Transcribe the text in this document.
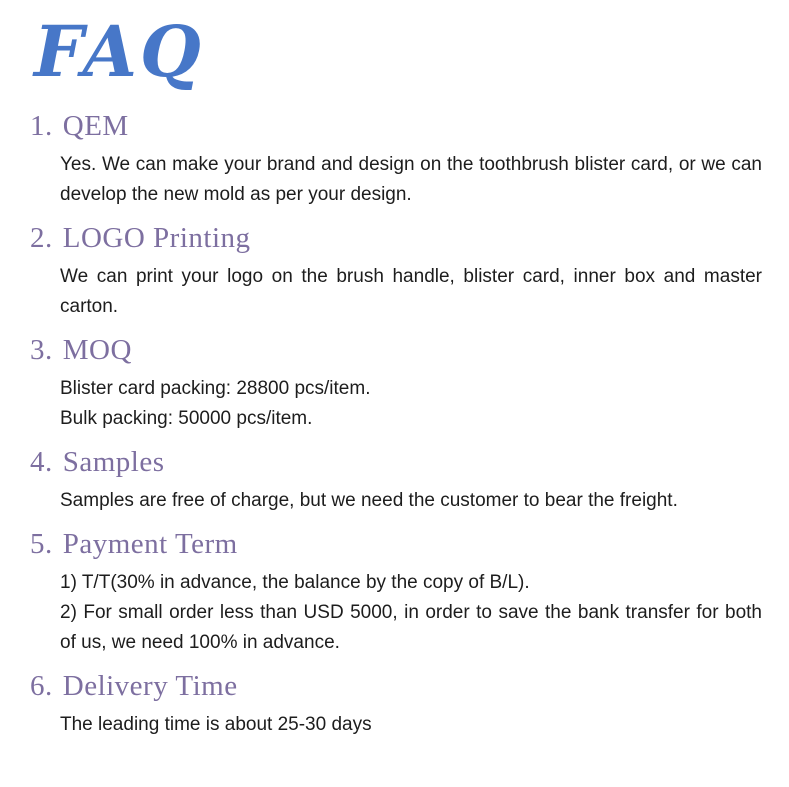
FAQ
1. QEM

Yes. We can make your brand and design on the toothbrush blister card, or we can develop the new mold as per your design.

2. LOGO Printing

We can print your logo on the brush handle, blister card, inner box and master carton.

3. MOQ

Blister card packing: 28800 pcs/item.

Bulk packing: 50000 pcs/item.

4. Samples

Samples are free of charge, but we need the customer to bear the freight.

5. Payment Term

1) T/T(30% in advance, the balance by the copy of B/L).

2) For small order less than USD 5000, in order to save the bank transfer for both of us, we need 100% in advance.

6. Delivery Time

The leading time is about 25-30 days
